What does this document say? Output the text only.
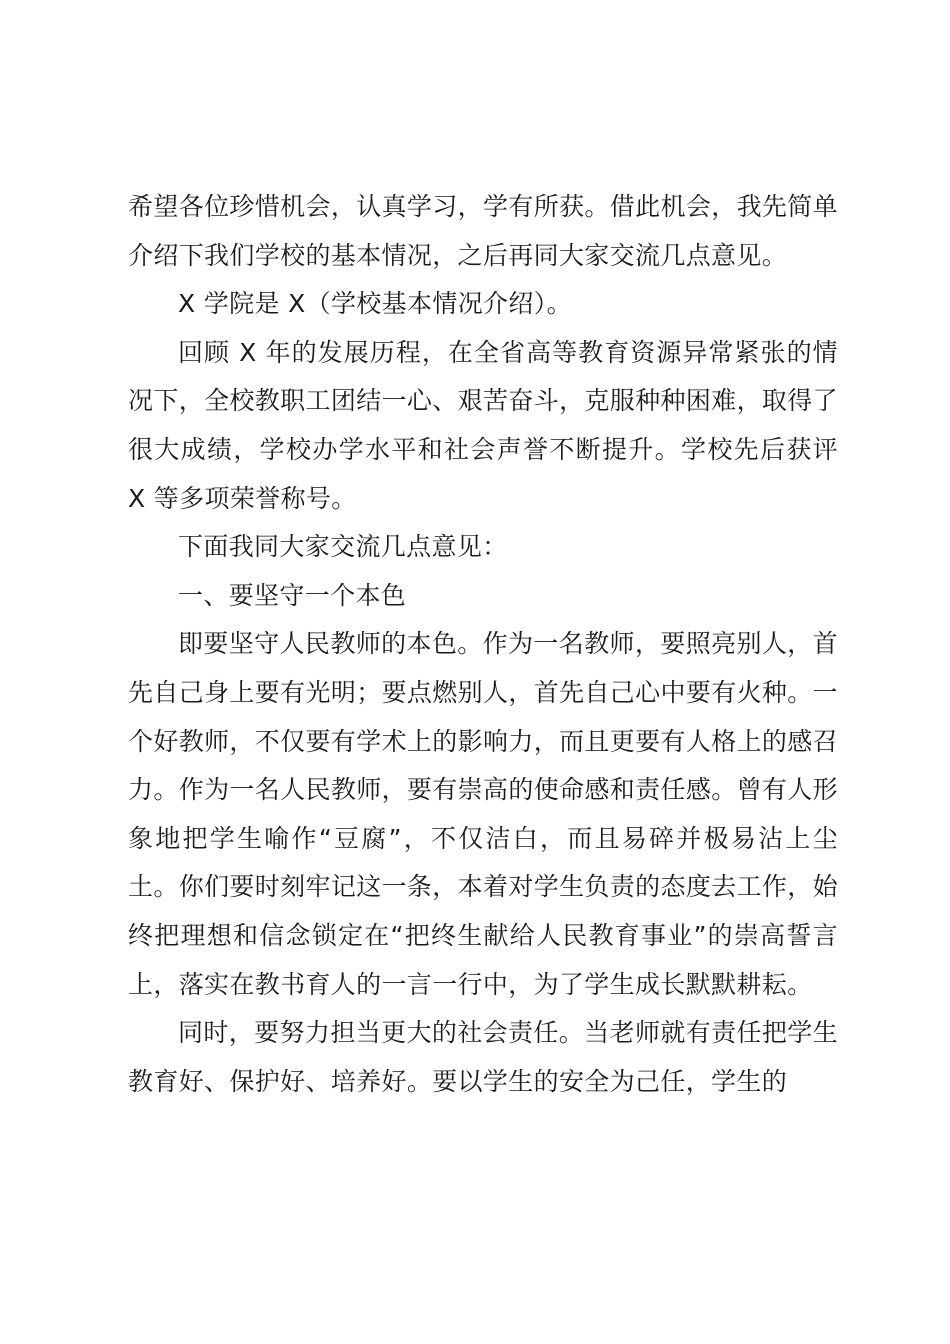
希望各位珍惜机会，认真学习，学有所获。借此机会，我先简单介绍下我们学校的基本情况，之后再同大家交流几点意见。

X 学院是 X（学校基本情况介绍）。

回顾 X 年的发展历程，在全省高等教育资源异常紧张的情况下，全校教职工团结一心、艰苦奋斗，克服种种困难，取得了很大成绩，学校办学水平和社会声誉不断提升。学校先后获评 X 等多项荣誉称号。

下面我同大家交流几点意见：

一、要坚守一个本色

即要坚守人民教师的本色。作为一名教师，要照亮别人，首先自己身上要有光明；要点燃别人，首先自己心中要有火种。一个好教师，不仅要有学术上的影响力，而且更要有人格上的感召力。作为一名人民教师，要有崇高的使命感和责任感。曾有人形象地把学生喻作“豆腐”，不仅洁白，而且易碎并极易沾上尘土。你们要时刻牢记这一条，本着对学生负责的态度去工作，始终把理想和信念锁定在“把终生献给人民教育事业”的崇高誓言上，落实在教书育人的一言一行中，为了学生成长默默耕耘。

同时，要努力担当更大的社会责任。当老师就有责任把学生教育好、保护好、培养好。要以学生的安全为己任，学生的
